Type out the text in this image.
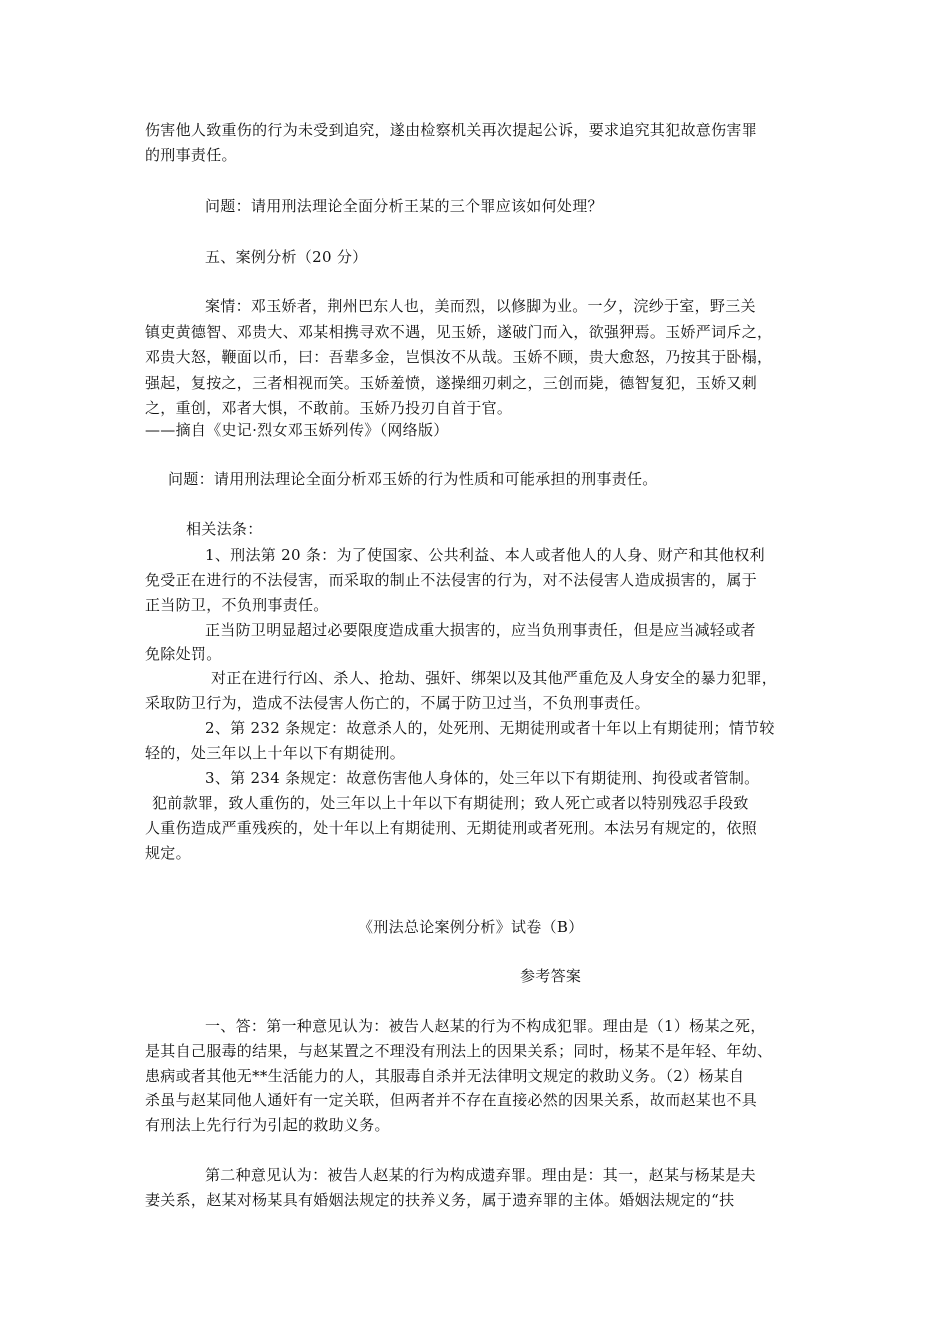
伤害他人致重伤的行为未受到追究，遂由检察机关再次提起公诉，要求追究其犯故意伤害罪
的刑事责任。
问题：请用刑法理论全面分析王某的三个罪应该如何处理？
五、案例分析（20 分）
案情：邓玉娇者，荆州巴东人也，美而烈，以修脚为业。一夕，浣纱于室，野三关
镇吏黄德智、邓贵大、邓某相携寻欢不遇，见玉娇，遂破门而入，欲强狎焉。玉娇严词斥之，
邓贵大怒，鞭面以币，曰：吾辈多金，岂惧汝不从哉。玉娇不顾，贵大愈怒，乃按其于卧榻，
强起，复按之，三者相视而笑。玉娇羞愤，遂操细刃刺之，三创而毙，德智复犯，玉娇又刺
之，重创，邓者大惧，不敢前。玉娇乃投刃自首于官。
——摘自《史记·烈女邓玉娇列传》（网络版）
问题：请用刑法理论全面分析邓玉娇的行为性质和可能承担的刑事责任。
相关法条：
1、刑法第 20 条：为了使国家、公共利益、本人或者他人的人身、财产和其他权利
免受正在进行的不法侵害，而采取的制止不法侵害的行为，对不法侵害人造成损害的，属于
正当防卫，不负刑事责任。
正当防卫明显超过必要限度造成重大损害的，应当负刑事责任，但是应当减轻或者
免除处罚。
对正在进行行凶、杀人、抢劫、强奸、绑架以及其他严重危及人身安全的暴力犯罪，
采取防卫行为，造成不法侵害人伤亡的，不属于防卫过当，不负刑事责任。
2、第 232 条规定：故意杀人的，处死刑、无期徒刑或者十年以上有期徒刑；情节较
轻的，处三年以上十年以下有期徒刑。
3、第 234 条规定：故意伤害他人身体的，处三年以下有期徒刑、拘役或者管制。
犯前款罪，致人重伤的，处三年以上十年以下有期徒刑；致人死亡或者以特别残忍手段致
人重伤造成严重残疾的，处十年以上有期徒刑、无期徒刑或者死刑。本法另有规定的，依照
规定。
《刑法总论案例分析》试卷（B）
参考答案
一、答：第一种意见认为：被告人赵某的行为不构成犯罪。理由是（1）杨某之死，
是其自己服毒的结果，与赵某置之不理没有刑法上的因果关系；同时，杨某不是年轻、年幼、
患病或者其他无**生活能力的人，其服毒自杀并无法律明文规定的救助义务。（2）杨某自
杀虽与赵某同他人通奸有一定关联，但两者并不存在直接必然的因果关系，故而赵某也不具
有刑法上先行行为引起的救助义务。
第二种意见认为：被告人赵某的行为构成遗弃罪。理由是：其一，赵某与杨某是夫
妻关系，赵某对杨某具有婚姻法规定的扶养义务，属于遗弃罪的主体。婚姻法规定的“扶
